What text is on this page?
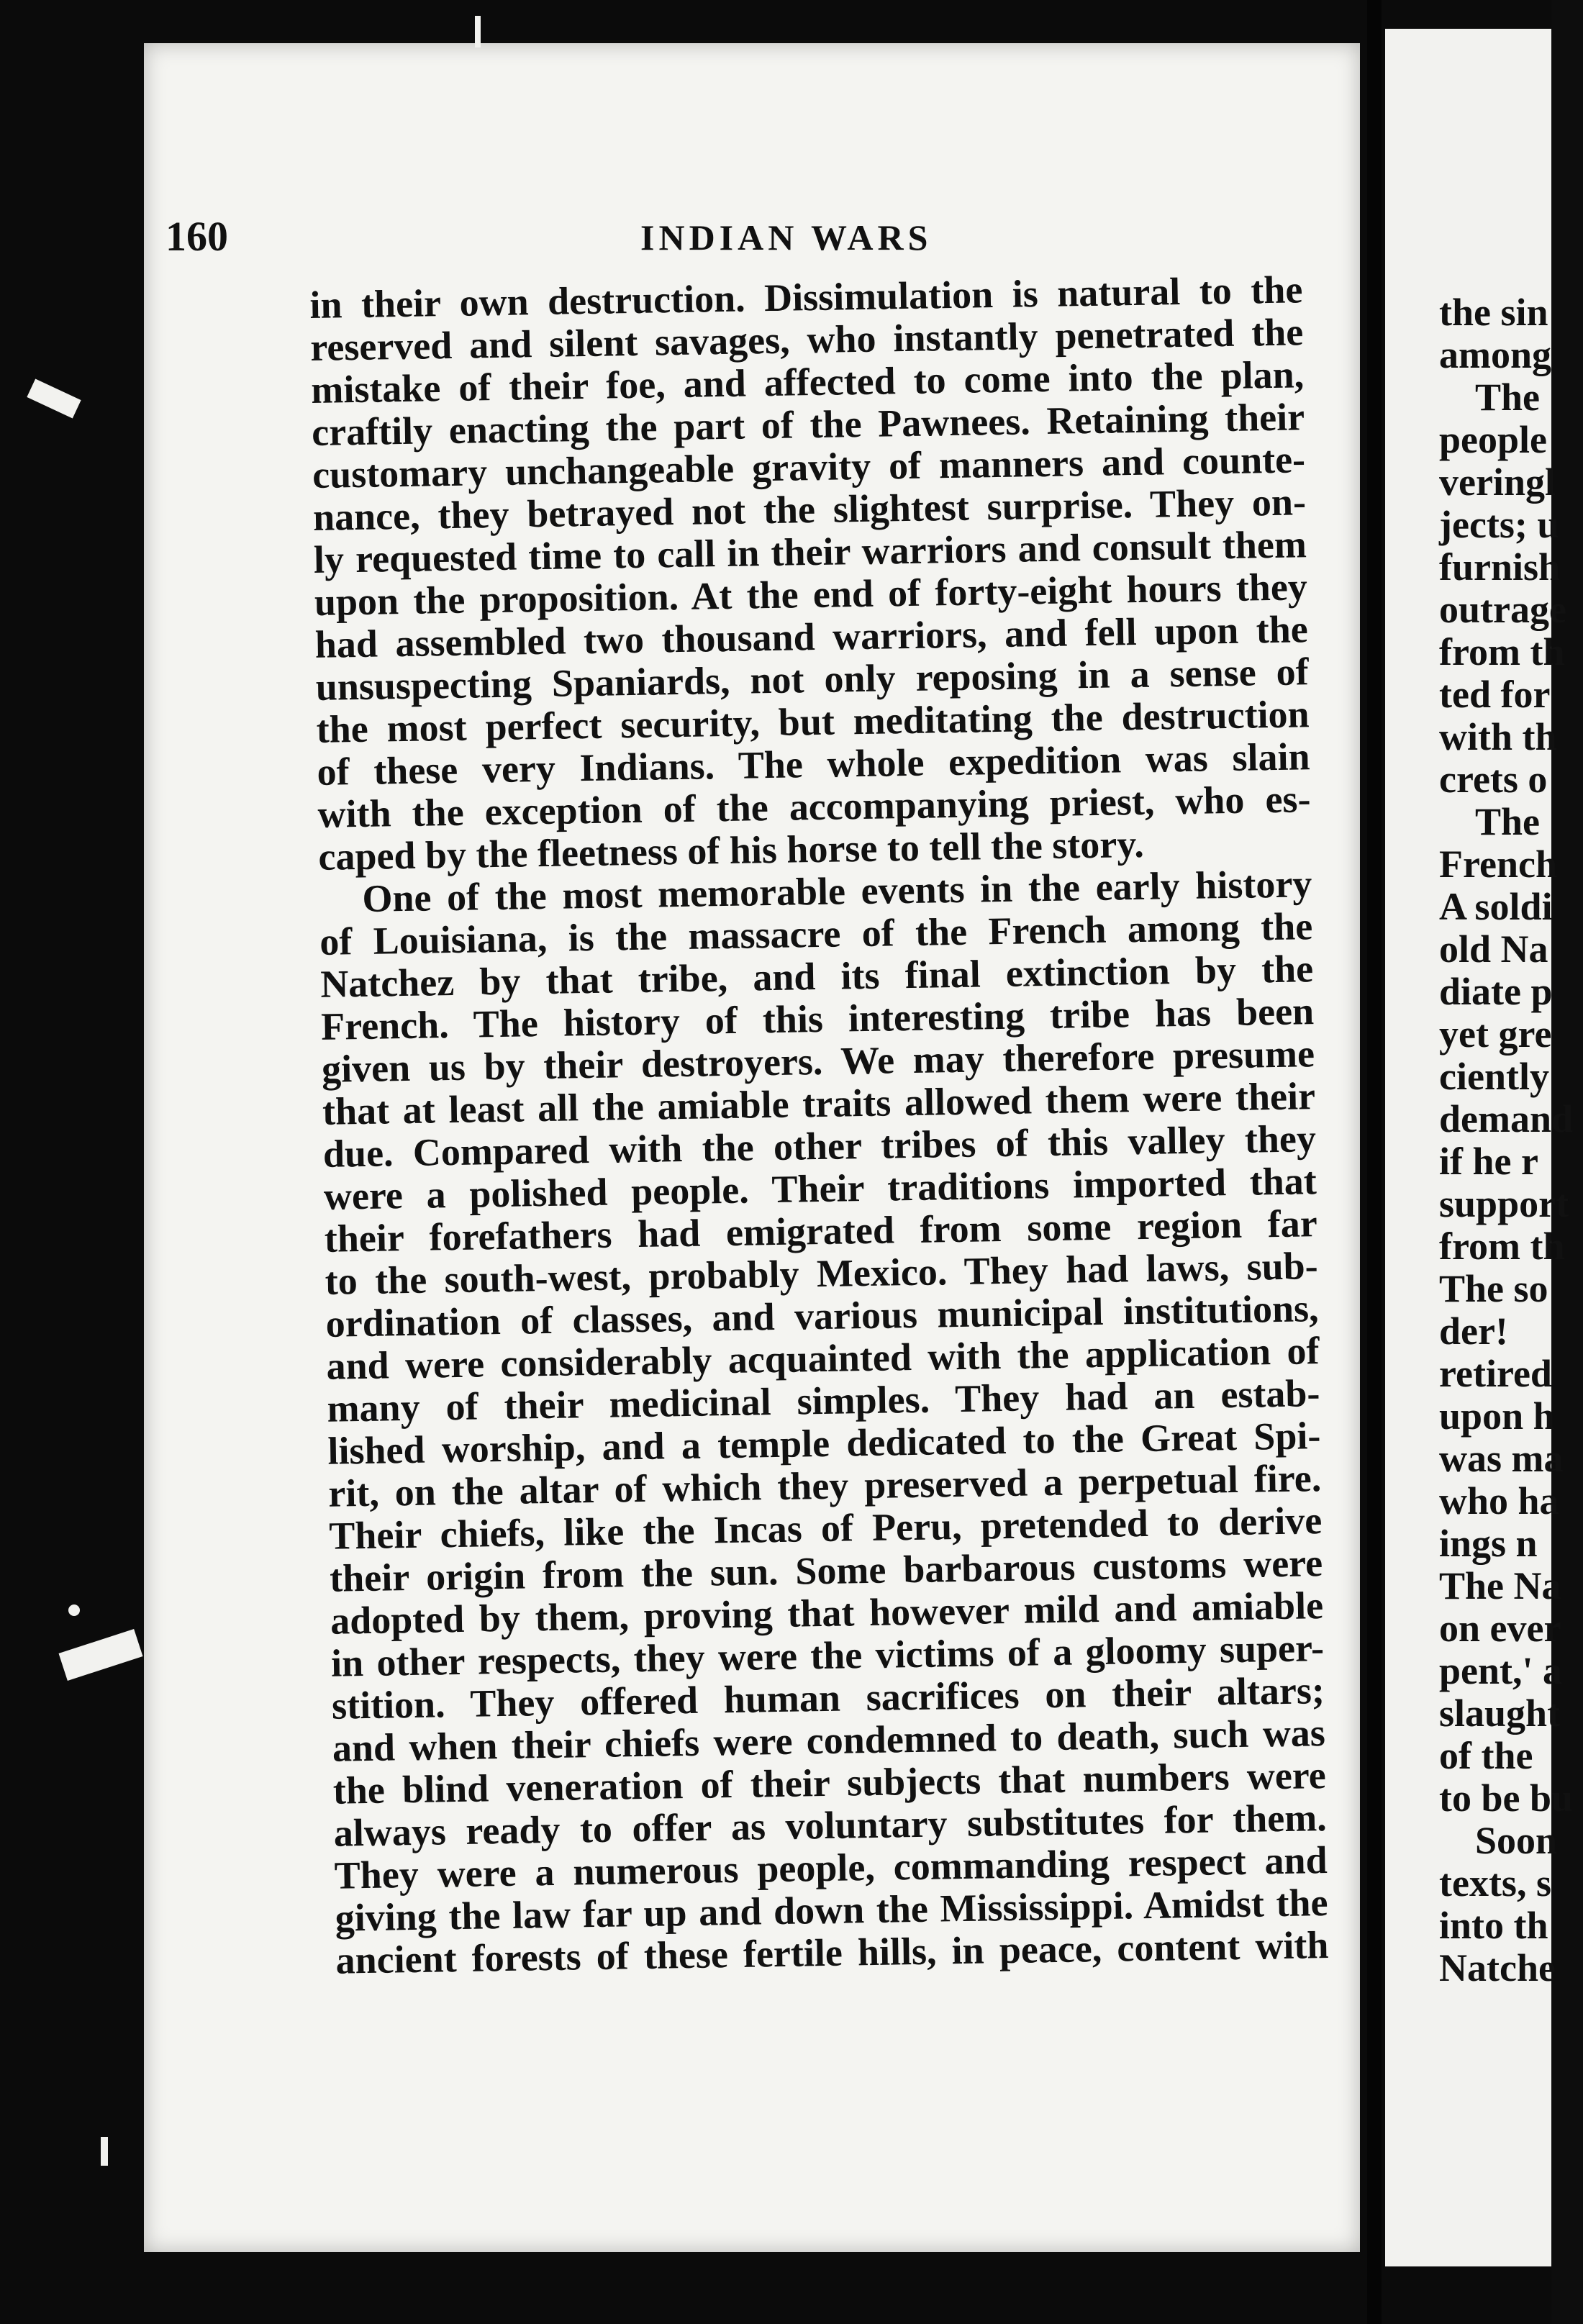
160	INDIAN WARS
in their own destruction. Dissimulation is natural to the
reserved and silent savages, who instantly penetrated the
mistake of their foe, and affected to come into the plan,
craftily enacting the part of the Pawnees. Retaining their
customary unchangeable gravity of manners and counte-
nance, they betrayed not the slightest surprise. They on-
ly requested time to call in their warriors and consult them
upon the proposition. At the end of forty-eight hours they
had assembled two thousand warriors, and fell upon the
unsuspecting Spaniards, not only reposing in a sense of
the most perfect security, but meditating the destruction
of these very Indians. The whole expedition was slain
with the exception of the accompanying priest, who es-
caped by the fleetness of his horse to tell the story.
One of the most memorable events in the early history
of Louisiana, is the massacre of the French among the
Natchez by that tribe, and its final extinction by the
French. The history of this interesting tribe has been
given us by their destroyers. We may therefore presume
that at least all the amiable traits allowed them were their
due. Compared with the other tribes of this valley they
were a polished people. Their traditions imported that
their forefathers had emigrated from some region far
to the south-west, probably Mexico. They had laws, sub-
ordination of classes, and various municipal institutions,
and were considerably acquainted with the application of
many of their medicinal simples. They had an estab-
lished worship, and a temple dedicated to the Great Spi-
rit, on the altar of which they preserved a perpetual fire.
Their chiefs, like the Incas of Peru, pretended to derive
their origin from the sun. Some barbarous customs were
adopted by them, proving that however mild and amiable
in other respects, they were the victims of a gloomy super-
stition. They offered human sacrifices on their altars;
and when their chiefs were condemned to death, such was
the blind veneration of their subjects that numbers were
always ready to offer as voluntary substitutes for them.
They were a numerous people, commanding respect and
giving the law far up and down the Mississippi. Amidst the
ancient forests of these fertile hills, in peace, content with
the sin
among
The
people
veringl
jects; u
furnish
outrage
from th
ted for
with th
crets o
The
French
A soldi
old Na
diate p
yet gre
ciently
demand
if he r
support
from th
The so
der!
retired
upon h
was ma
who ha
ings n
The Na
on ever
pent,' a
slaught
of the
to be bu
Soon
texts, s
into th
Natche
